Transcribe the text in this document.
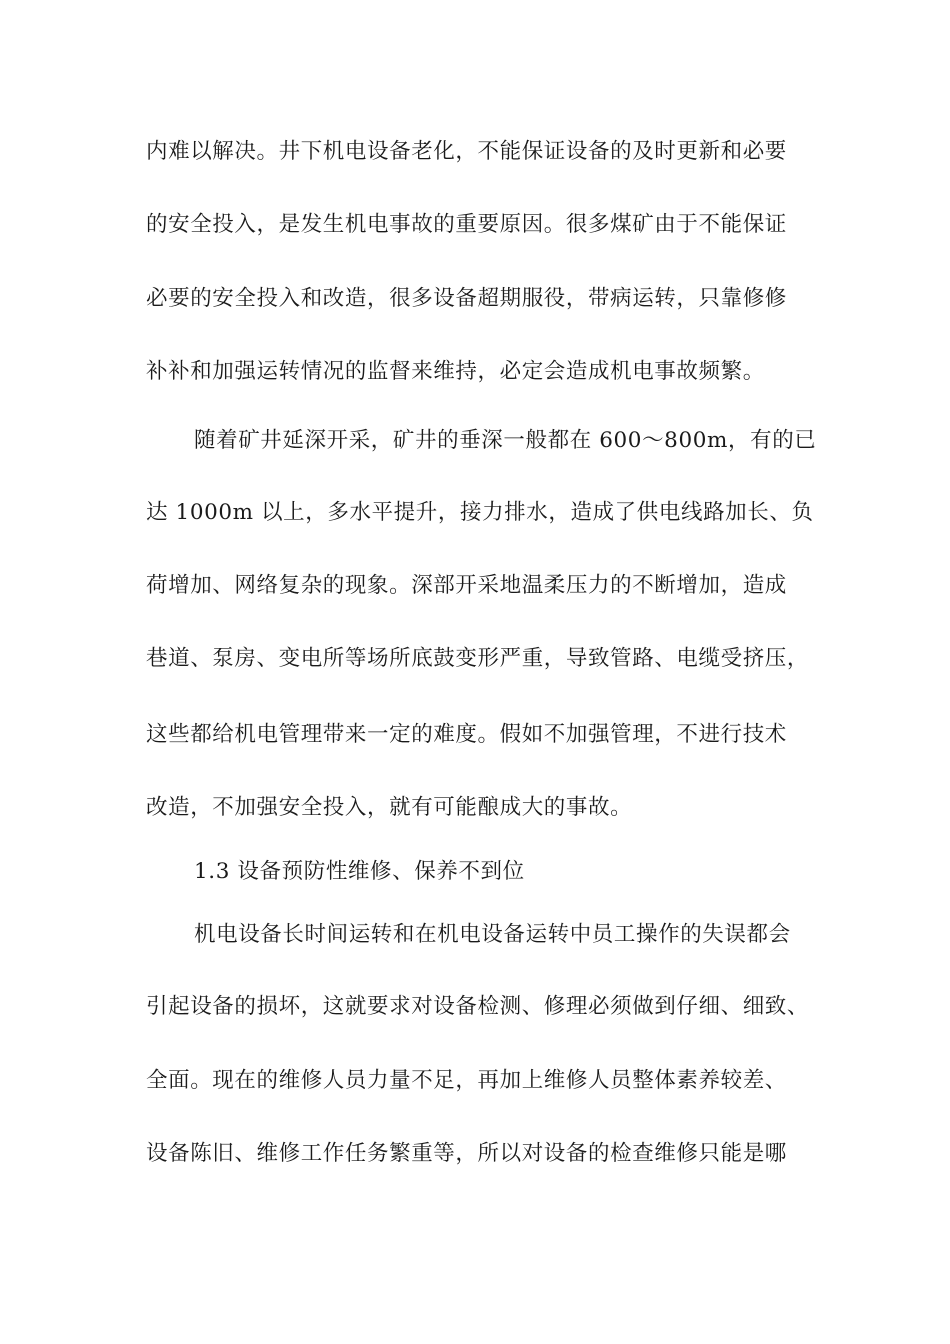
内难以解决。井下机电设备老化，不能保证设备的及时更新和必要
的安全投入，是发生机电事故的重要原因。很多煤矿由于不能保证
必要的安全投入和改造，很多设备超期服役，带病运转，只靠修修
补补和加强运转情况的监督来维持，必定会造成机电事故频繁。
随着矿井延深开采，矿井的垂深一般都在 600～800m，有的已
达 1000m 以上，多水平提升，接力排水，造成了供电线路加长、负
荷增加、网络复杂的现象。深部开采地温柔压力的不断增加，造成
巷道、泵房、变电所等场所底鼓变形严重，导致管路、电缆受挤压，
这些都给机电管理带来一定的难度。假如不加强管理，不进行技术
改造，不加强安全投入，就有可能酿成大的事故。
1.3 设备预防性维修、保养不到位
机电设备长时间运转和在机电设备运转中员工操作的失误都会
引起设备的损坏，这就要求对设备检测、修理必须做到仔细、细致、
全面。现在的维修人员力量不足，再加上维修人员整体素养较差、
设备陈旧、维修工作任务繁重等，所以对设备的检查维修只能是哪
